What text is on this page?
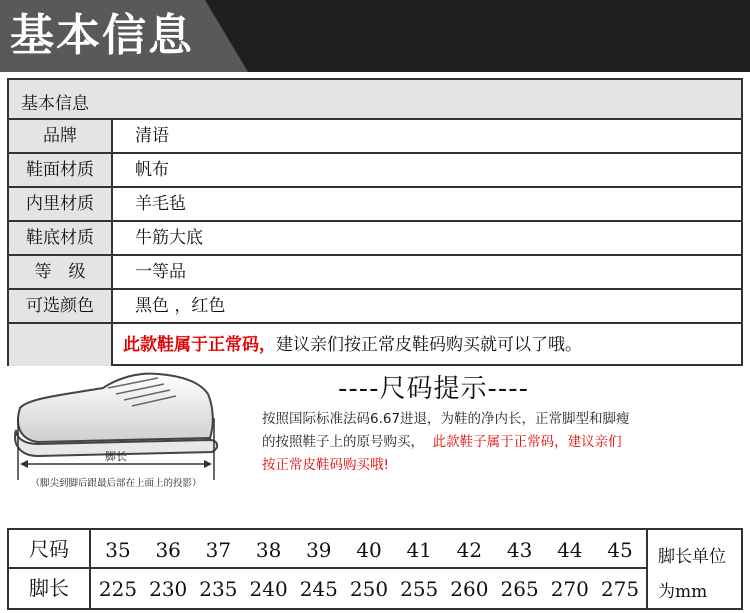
基本信息
基本信息
品牌	清语
鞋面材质	帆布
内里材质	羊毛毡
鞋底材质	牛筋大底
等　级	一等品
可选颜色	黑色 ，红色
此款鞋属于正常码，建议亲们按正常皮鞋码购买就可以了哦。
脚长
（脚尖到脚后跟最后部在上面上的投影）
----尺码提示----
按照国际标准法码6.67进退，为鞋的净内长，正常脚型和脚瘦
的按照鞋子上的原号购买， 此款鞋子属于正常码，建议亲们
按正常皮鞋码购买哦!
尺码	35	36	37	38	39	40	41	42	43	44	45
脚长	225 230 235 240 245 250 255 260 265 270 275
脚长单位
为mm
